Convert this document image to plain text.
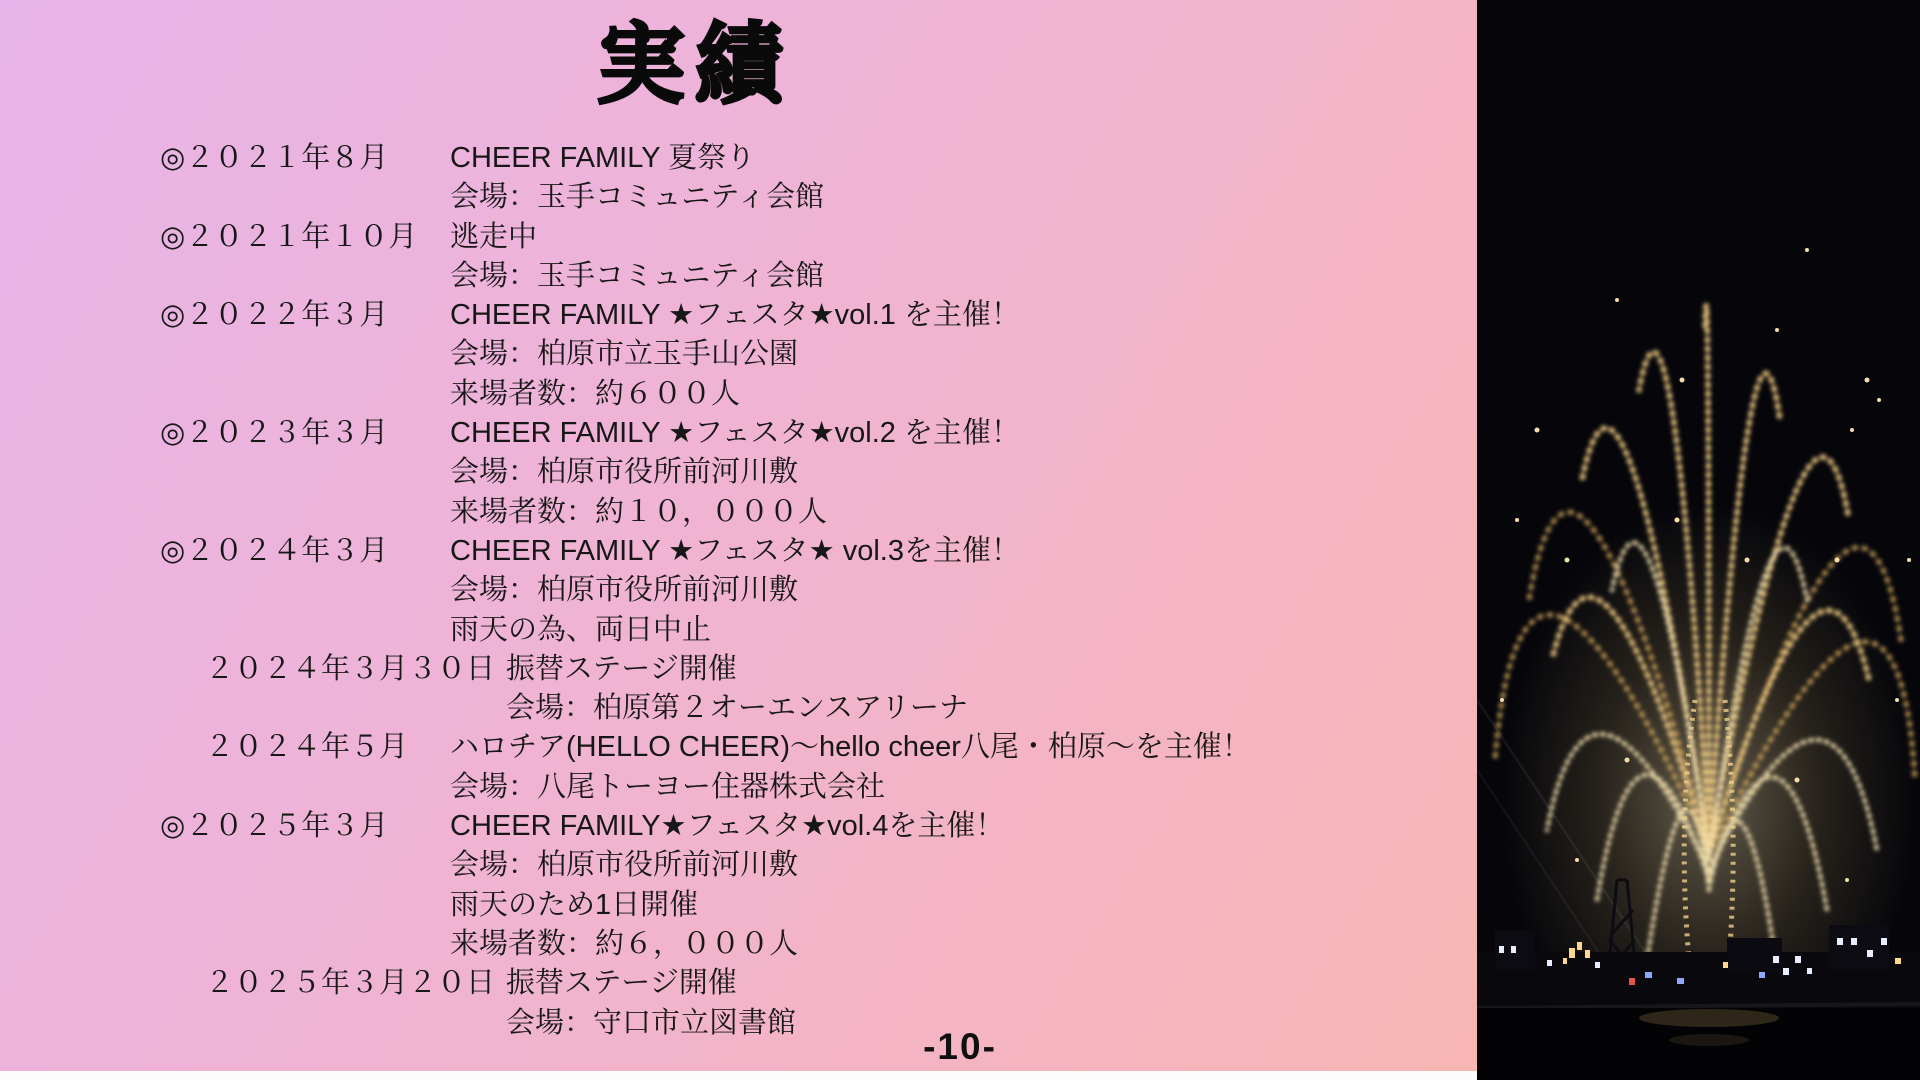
実績
◎２０２１年８月	CHEER FAMILY 夏祭り
会場：玉手コミュニティ会館
◎２０２１年１０月	逃走中
会場：玉手コミュニティ会館
◎２０２２年３月	CHEER FAMILY ★フェスタ★vol.1 を主催！
会場：柏原市立玉手山公園
来場者数：約６００人
◎２０２３年３月	CHEER FAMILY ★フェスタ★vol.2 を主催！
会場：柏原市役所前河川敷
来場者数：約１０，０００人
◎２０２４年３月	CHEER FAMILY ★フェスタ★ vol.3を主催！
会場：柏原市役所前河川敷
雨天の為、両日中止
２０２４年３月３０日 振替ステージ開催
会場：柏原第２オーエンスアリーナ
２０２４年５月	ハロチア(HELLO CHEER)〜hello cheer八尾・柏原〜を主催！
会場：八尾トーヨー住器株式会社
◎２０２５年３月	CHEER FAMILY★フェスタ★vol.4を主催！
会場：柏原市役所前河川敷
雨天のため1日開催
来場者数：約６，０００人
２０２５年３月２０日 振替ステージ開催
会場：守口市立図書館
-10-
